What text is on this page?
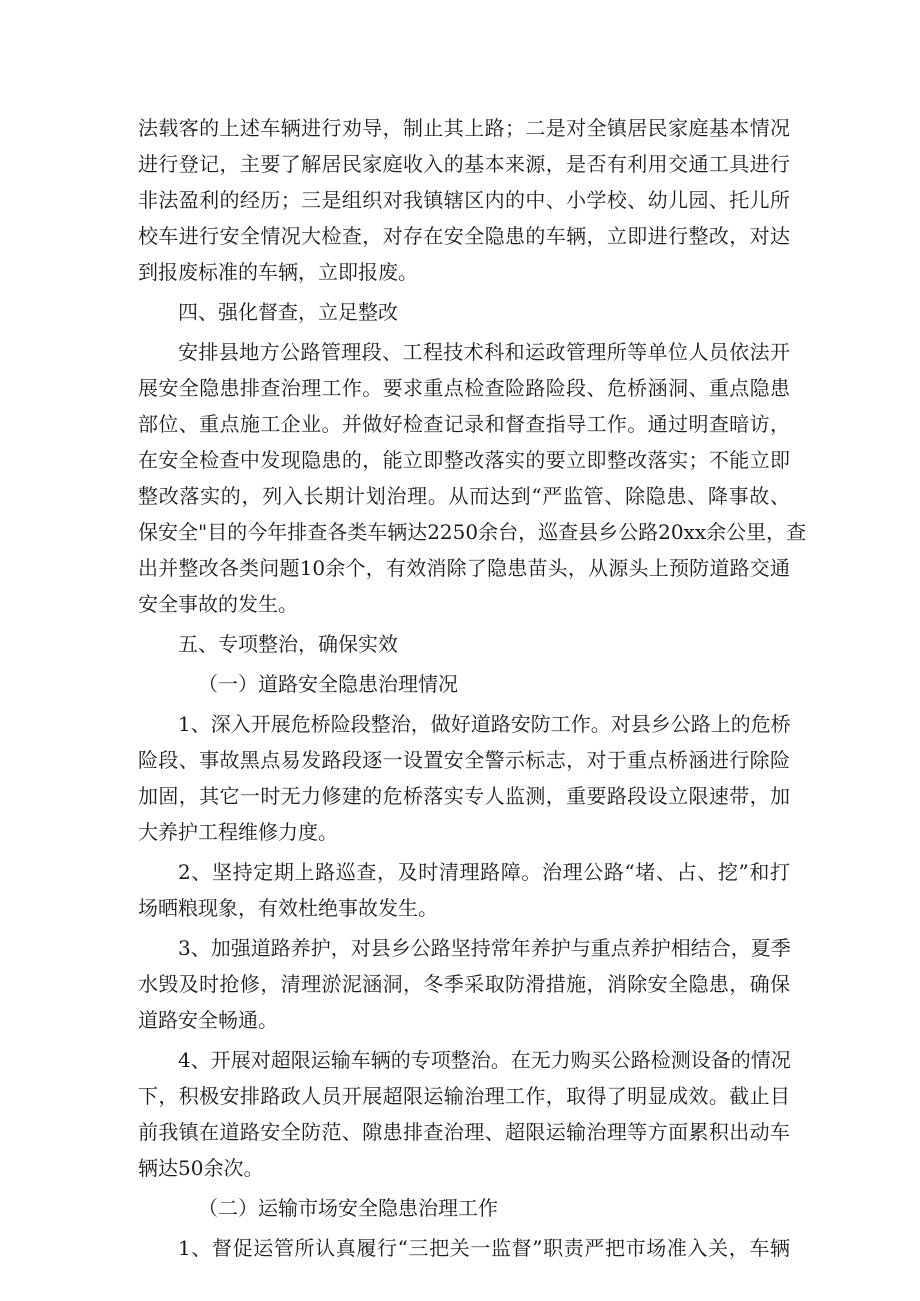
法载客的上述车辆进行劝导，制止其上路；二是对全镇居民家庭基本情况
进行登记，主要了解居民家庭收入的基本来源，是否有利用交通工具进行
非法盈利的经历；三是组织对我镇辖区内的中、小学校、幼儿园、托儿所
校车进行安全情况大检查，对存在安全隐患的车辆，立即进行整改，对达
到报废标准的车辆，立即报废。
四、强化督查，立足整改
安排县地方公路管理段、工程技术科和运政管理所等单位人员依法开
展安全隐患排查治理工作。要求重点检查险路险段、危桥涵洞、重点隐患
部位、重点施工企业。并做好检查记录和督查指导工作。通过明查暗访，
在安全检查中发现隐患的，能立即整改落实的要立即整改落实；不能立即
整改落实的，列入长期计划治理。从而达到“严监管、除隐患、降事故、
保安全"目的今年排查各类车辆达2250余台，巡查县乡公路20xx余公里，查
出并整改各类问题10余个，有效消除了隐患苗头，从源头上预防道路交通
安全事故的发生。
五、专项整治，确保实效
（一）道路安全隐患治理情况
1、深入开展危桥险段整治，做好道路安防工作。对县乡公路上的危桥
险段、事故黑点易发路段逐一设置安全警示标志，对于重点桥涵进行除险
加固，其它一时无力修建的危桥落实专人监测，重要路段设立限速带，加
大养护工程维修力度。
2、坚持定期上路巡查，及时清理路障。治理公路“堵、占、挖”和打
场晒粮现象，有效杜绝事故发生。
3、加强道路养护，对县乡公路坚持常年养护与重点养护相结合，夏季
水毁及时抢修，清理淤泥涵洞，冬季采取防滑措施，消除安全隐患，确保
道路安全畅通。
4、开展对超限运输车辆的专项整治。在无力购买公路检测设备的情况
下，积极安排路政人员开展超限运输治理工作，取得了明显成效。截止目
前我镇在道路安全防范、隙患排查治理、超限运输治理等方面累积出动车
辆达50余次。
（二）运输市场安全隐患治理工作
1、督促运管所认真履行“三把关一监督”职责严把市场准入关，车辆
